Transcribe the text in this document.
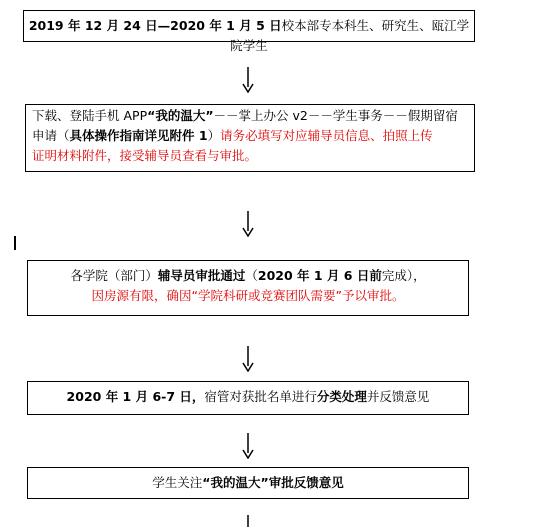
2019 年 12 月 24 日—2020 年 1 月 5 日校本部专本科生、研究生、瓯江学院学生
下载、登陆手机 APP“我的温大”－－掌上办公 v2－－学生事务－－假期留宿
申请（具体操作指南详见附件 1）请务必填写对应辅导员信息、拍照上传
证明材料附件，接受辅导员查看与审批。
各学院（部门）辅导员审批通过（2020 年 1 月 6 日前完成），
因房源有限，确因“学院科研或竞赛团队需要”予以审批。
2020 年 1 月 6-7 日，宿管对获批名单进行分类处理并反馈意见
学生关注“我的温大”审批反馈意见
